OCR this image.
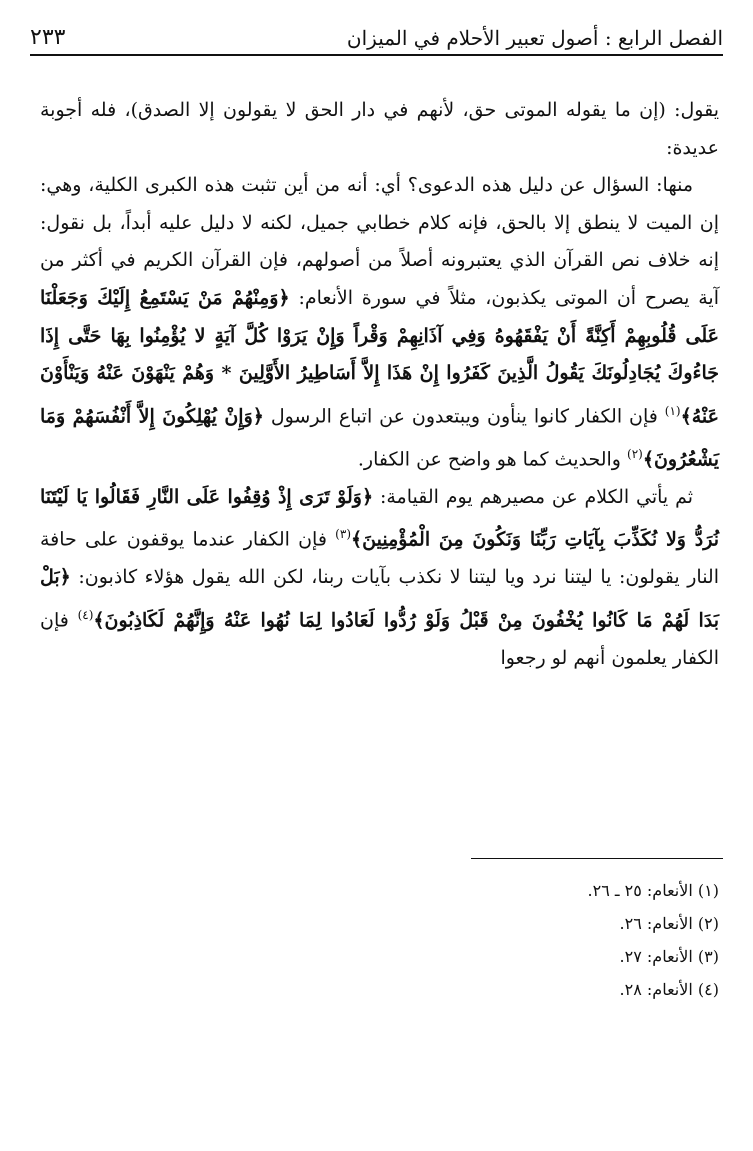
الفصل الرابع : أصول تعبير الأحلام في الميزان
٢٣٣

يقول: (إن ما يقوله الموتى حق، لأنهم في دار الحق لا يقولون إلا الصدق)، فله أجوبة عديدة:

منها: السؤال عن دليل هذه الدعوى؟ أي: أنه من أين تثبت هذه الكبرى الكلية، وهي: إن الميت لا ينطق إلا بالحق، فإنه كلام خطابي جميل، لكنه لا دليل عليه أبداً، بل نقول: إنه خلاف نص القرآن الذي يعتبرونه أصلاً من أصولهم، فإن القرآن الكريم في أكثر من آية يصرح أن الموتى يكذبون، مثلاً في سورة الأنعام: ﴿وَمِنْهُمْ مَنْ يَسْتَمِعُ إِلَيْكَ وَجَعَلْنَا عَلَى قُلُوبِهِمْ أَكِنَّةً أَنْ يَفْقَهُوهُ وَفِي آذَانِهِمْ وَقْراً وَإِنْ يَرَوْا كُلَّ آيَةٍ لا يُؤْمِنُوا بِهَا حَتَّى إِذَا جَاءُوكَ يُجَادِلُونَكَ يَقُولُ الَّذِينَ كَفَرُوا إِنْ هَذَا إِلاَّ أَسَاطِيرُ الأَوَّلِينَ * وَهُمْ يَنْهَوْنَ عَنْهُ وَيَنْأَوْنَ عَنْهُ﴾$^{(١)}$ فإن الكفار كانوا ينأون ويبتعدون عن اتباع الرسول ﴿وَإِنْ يُهْلِكُونَ إِلاَّ أَنْفُسَهُمْ وَمَا يَشْعُرُونَ﴾$^{(٢)}$ والحديث كما هو واضح عن الكفار.

ثم يأتي الكلام عن مصيرهم يوم القيامة: ﴿وَلَوْ تَرَى إِذْ وُقِفُوا عَلَى النَّارِ فَقَالُوا يَا لَيْتَنَا نُرَدُّ وَلا نُكَذِّبَ بِآيَاتِ رَبِّنَا وَنَكُونَ مِنَ الْمُؤْمِنِينَ﴾$^{(٣)}$ فإن الكفار عندما يوقفون على حافة النار يقولون: يا ليتنا نرد ويا ليتنا لا نكذب بآيات ربنا، لكن الله يقول هؤلاء كاذبون: ﴿بَلْ بَدَا لَهُمْ مَا كَانُوا يُخْفُونَ مِنْ قَبْلُ وَلَوْ رُدُّوا لَعَادُوا لِمَا نُهُوا عَنْهُ وَإِنَّهُمْ لَكَاذِبُونَ﴾$^{(٤)}$ فإن الكفار يعلمون أنهم لو رجعوا

(١) الأنعام: ٢٥ ـ ٢٦.
(٢) الأنعام: ٢٦.
(٣) الأنعام: ٢٧.
(٤) الأنعام: ٢٨.
